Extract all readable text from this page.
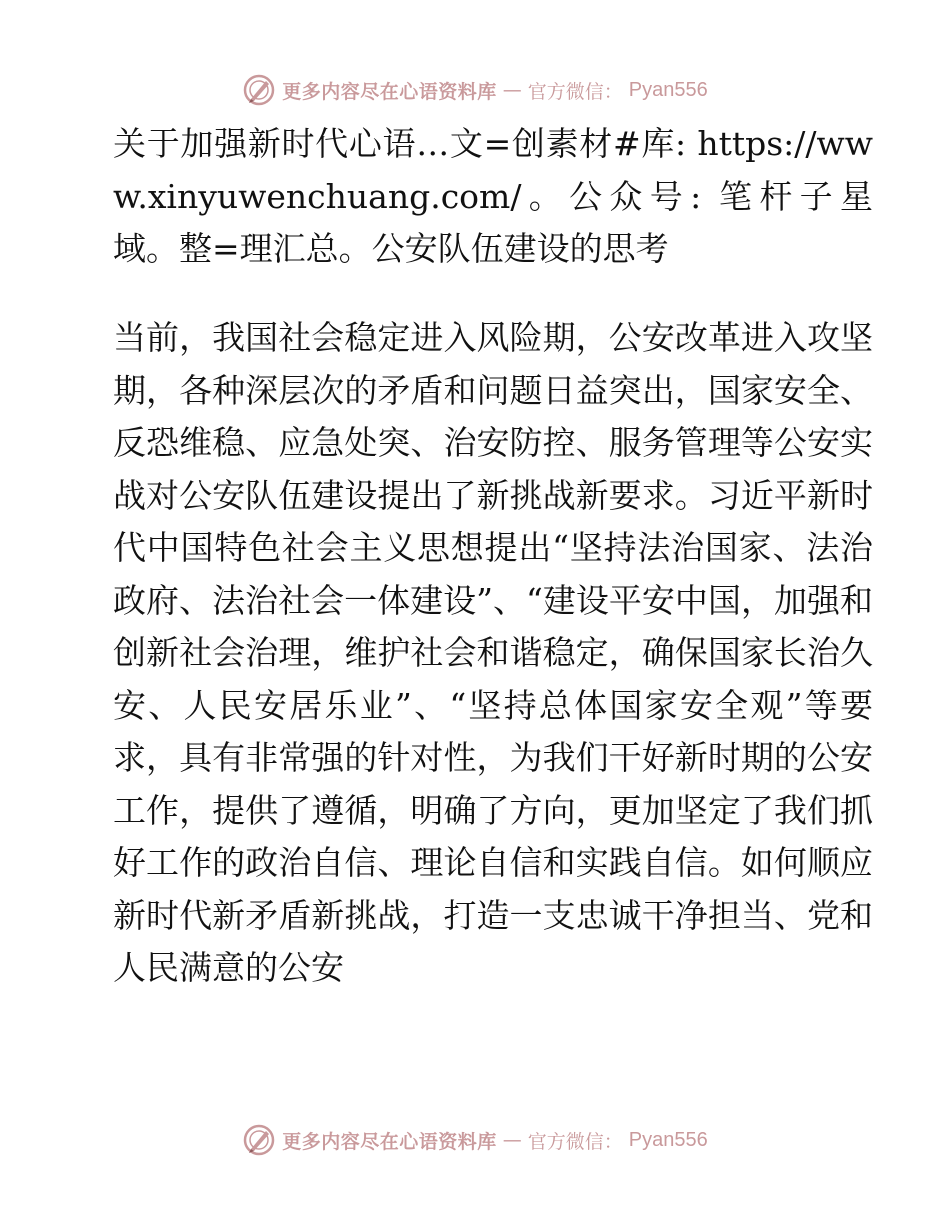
更多内容尽在心语资料库 — 官方微信： Pyan556

关于加强新时代心语…文=创素材#库: https://www.xinyuwenchuang.com/。公众号: 笔杆子星域。整=理汇总。公安队伍建设的思考

当前，我国社会稳定进入风险期，公安改革进入攻坚期，各种深层次的矛盾和问题日益突出，国家安全、反恐维稳、应急处突、治安防控、服务管理等公安实战对公安队伍建设提出了新挑战新要求。习近平新时代中国特色社会主义思想提出“坚持法治国家、法治政府、法治社会一体建设”、“建设平安中国，加强和创新社会治理，维护社会和谐稳定，确保国家长治久安、人民安居乐业”、“坚持总体国家安全观”等要求，具有非常强的针对性，为我们干好新时期的公安工作，提供了遵循，明确了方向，更加坚定了我们抓好工作的政治自信、理论自信和实践自信。如何顺应新时代新矛盾新挑战，打造一支忠诚干净担当、党和人民满意的公安

更多内容尽在心语资料库 — 官方微信： Pyan556
